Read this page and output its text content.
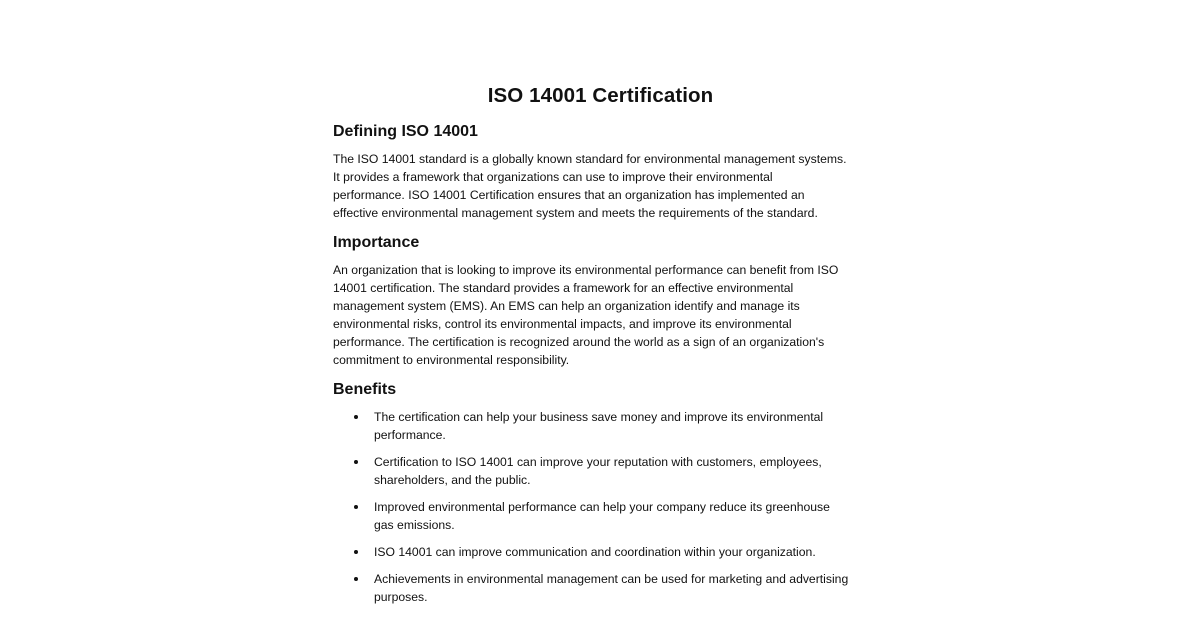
ISO 14001 Certification
Defining ISO 14001

The ISO 14001 standard is a globally known standard for environmental management systems.
It provides a framework that organizations can use to improve their environmental
performance. ISO 14001 Certification ensures that an organization has implemented an
effective environmental management system and meets the requirements of the standard.

Importance

An organization that is looking to improve its environmental performance can benefit from ISO
14001 certification. The standard provides a framework for an effective environmental
management system (EMS). An EMS can help an organization identify and manage its
environmental risks, control its environmental impacts, and improve its environmental
performance. The certification is recognized around the world as a sign of an organization's
commitment to environmental responsibility.

Benefits
The certification can help your business save money and improve its environmental
performance.
Certification to ISO 14001 can improve your reputation with customers, employees,
shareholders, and the public.
Improved environmental performance can help your company reduce its greenhouse
gas emissions.
ISO 14001 can improve communication and coordination within your organization.
Achievements in environmental management can be used for marketing and advertising
purposes.
